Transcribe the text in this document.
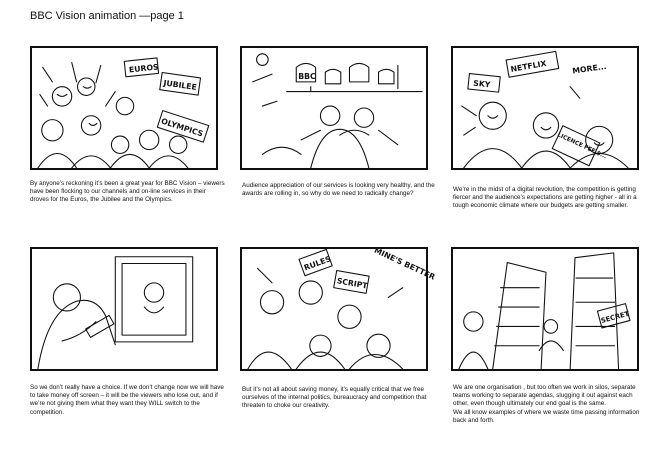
BBC Vision animation —page 1
EUROS
JUBILEE
OLYMPICS
By anyone’s reckoning it’s been a great year for BBC Vision – viewers have been flocking to our channels and on-line services in their droves for the Euros, the Jubilee and the Olympics.
BBC
Audience appreciation of our services is looking very healthy, and the awards are rolling in, so why do we need to radically change?
NETFLIX
SKY
MORE...
LICENCE FEE $...
We’re in the midst of a digital revolution, the competition is getting fiercer and the audience’s expectations are getting higher - all in a tough economic climate where our budgets are getting smaller.
So we don’t really have a choice. If we don’t change now we will have to take money off screen – it will be the viewers who lose out, and if we’re not giving them what they want they WILL switch to the competition.
RULES
SCRIPT
MINE'S BETTER
But it’s not all about saving money, it’s equally critical that we free ourselves of the internal politics, bureaucracy and competition that threaten to choke our creativity.
SECRET
We are one organisation , but too often we work in silos, separate teams working to separate agendas, slugging it out against each other, even though ultimately our end goal is the same.
We all know examples of where we waste time passing information back and forth.
